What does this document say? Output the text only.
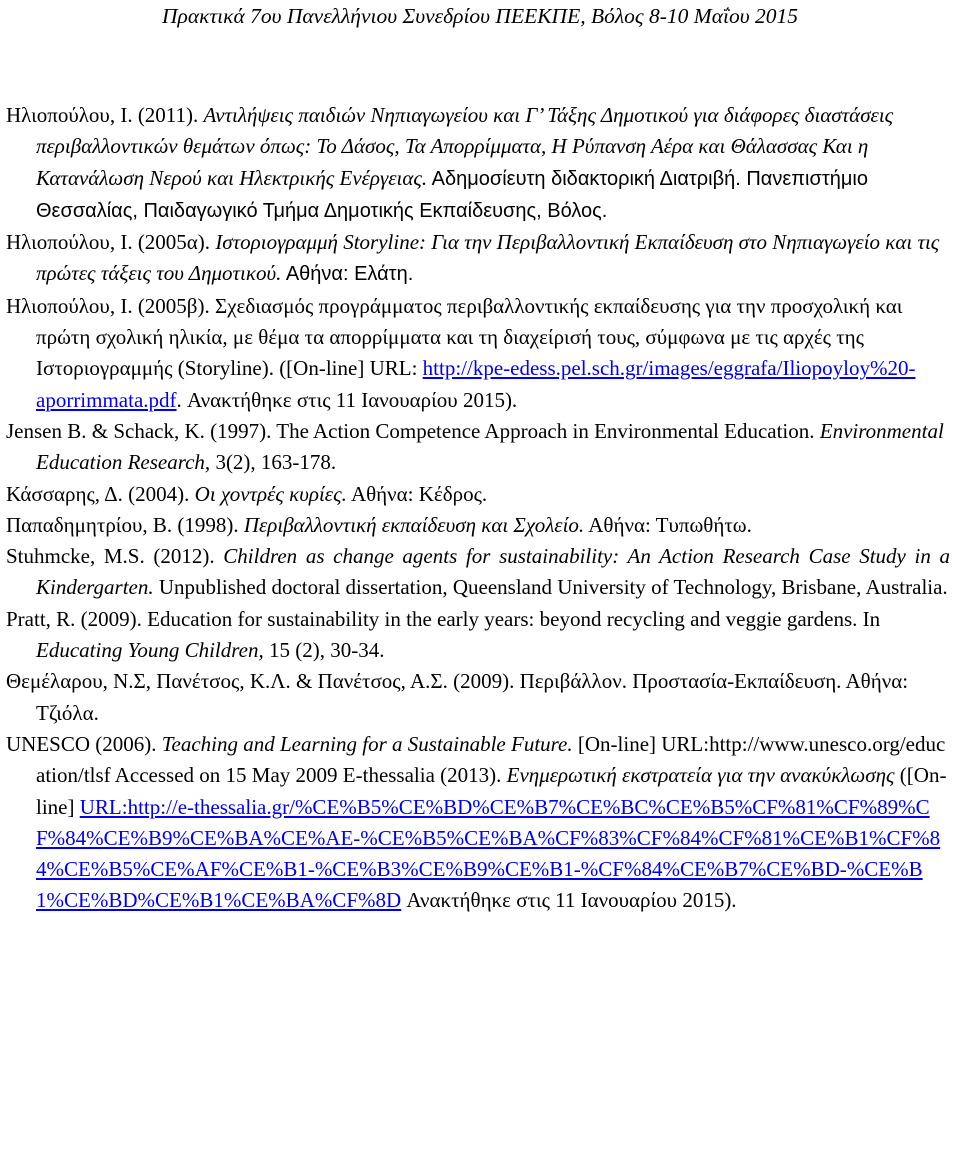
Πρακτικά 7ου Πανελλήνιου Συνεδρίου ΠΕΕΚΠΕ, Βόλος 8-10 Μαΐου 2015

Ηλιοπούλου, Ι. (2011). Αντιλήψεις παιδιών Νηπιαγωγείου και Γ’ Τάξης Δημοτικού για διάφορες διαστάσεις περιβαλλοντικών θεμάτων όπως: Το Δάσος, Τα Απορρίμματα, Η Ρύπανση Αέρα και Θάλασσας Και η Κατανάλωση Νερού και Ηλεκτρικής Ενέργειας. Αδημοσίευτη διδακτορική Διατριβή. Πανεπιστήμιο Θεσσαλίας, Παιδαγωγικό Τμήμα Δημοτικής Εκπαίδευσης, Βόλος.

Ηλιοπούλου, Ι. (2005α). Ιστοριογραμμή Storyline: Για την Περιβαλλοντική Εκπαίδευση στο Νηπιαγωγείο και τις πρώτες τάξεις του Δημοτικού. Αθήνα: Ελάτη.

Ηλιοπούλου, Ι. (2005β). Σχεδιασμός προγράμματος περιβαλλοντικής εκπαίδευσης για την προσχολική και πρώτη σχολική ηλικία, με θέμα τα απορρίμματα και τη διαχείρισή τους, σύμφωνα με τις αρχές της Ιστοριογραμμής (Storyline). ([On-line] URL: http://kpe-edess.pel.sch.gr/images/eggrafa/Iliopoyloy%20-aporrimmata.pdf. Ανακτήθηκε στις 11 Ιανουαρίου 2015).

Jensen B. & Schack, K. (1997). The Action Competence Approach in Environmental Education. Environmental Education Research, 3(2), 163-178.

Κάσσαρης, Δ. (2004). Οι χοντρές κυρίες. Αθήνα: Κέδρος.

Παπαδημητρίου, Β. (1998). Περιβαλλοντική εκπαίδευση και Σχολείο. Αθήνα: Τυπωθήτω.

Stuhmcke, M.S. (2012). Children as change agents for sustainability: An Action Research Case Study in a Kindergarten. Unpublished doctoral dissertation, Queensland University of Technology, Brisbane, Australia.

Pratt, R. (2009). Education for sustainability in the early years: beyond recycling and veggie gardens. In Educating Young Children, 15 (2), 30-34.

Θεμέλαρου, Ν.Σ, Πανέτσος, Κ.Λ. & Πανέτσος, Α.Σ. (2009). Περιβάλλον. Προστασία-Εκπαίδευση. Αθήνα: Τζιόλα.

UNESCO (2006). Teaching and Learning for a Sustainable Future. [On-line] URL:http://www.unesco.org/education/tlsf Accessed on 15 May 2009 E-thessalia (2013). Ενημερωτική εκστρατεία για την ανακύκλωσης ([On-line] URL:http://e-thessalia.gr/%CE%B5%CE%BD%CE%B7%CE%BC%CE%B5%CF%81%CF%89%CF%84%CE%B9%CE%BA%CE%AE-%CE%B5%CE%BA%CF%83%CF%84%CF%81%CE%B1%CF%84%CE%B5%CE%AF%CE%B1-%CE%B3%CE%B9%CE%B1-%CF%84%CE%B7%CE%BD-%CE%B1%CE%BD%CE%B1%CE%BA%CF%8D Ανακτήθηκε στις 11 Ιανουαρίου 2015).
